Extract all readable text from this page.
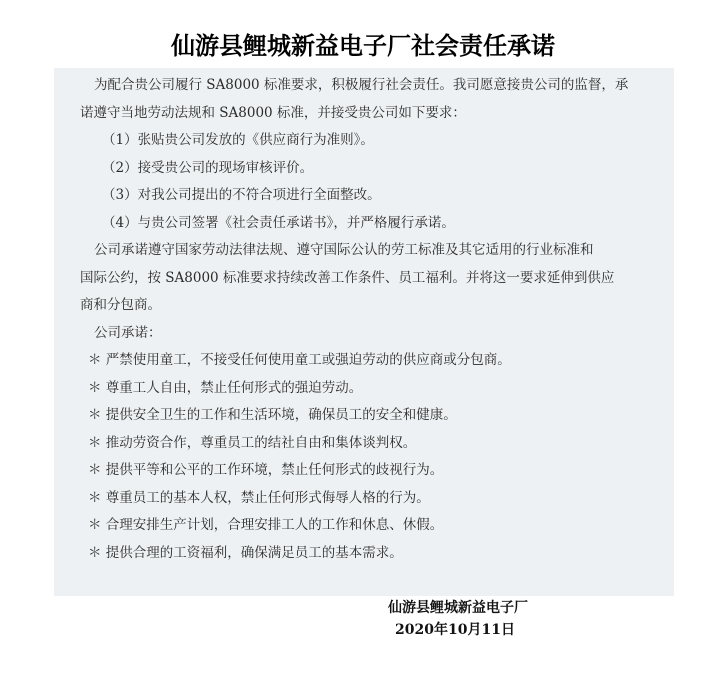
仙游县鲤城新益电子厂社会责任承诺
为配合贵公司履行 SA8000 标准要求，积极履行社会责任。我司愿意接贵公司的监督，承
诺遵守当地劳动法规和 SA8000 标准，并接受贵公司如下要求：
（1）张贴贵公司发放的《供应商行为准则》。
（2）接受贵公司的现场审核评价。
（3）对我公司提出的不符合项进行全面整改。
（4）与贵公司签署《社会责任承诺书》，并严格履行承诺。
公司承诺遵守国家劳动法律法规、遵守国际公认的劳工标准及其它适用的行业标准和
国际公约，按 SA8000 标准要求持续改善工作条件、员工福利。并将这一要求延伸到供应
商和分包商。
公司承诺：
＊ 严禁使用童工，不接受任何使用童工或强迫劳动的供应商或分包商。
＊ 尊重工人自由，禁止任何形式的强迫劳动。
＊ 提供安全卫生的工作和生活环境，确保员工的安全和健康。
＊ 推动劳资合作，尊重员工的结社自由和集体谈判权。
＊ 提供平等和公平的工作环境，禁止任何形式的歧视行为。
＊ 尊重员工的基本人权，禁止任何形式侮辱人格的行为。
＊ 合理安排生产计划，合理安排工人的工作和休息、休假。
＊ 提供合理的工资福利，确保满足员工的基本需求。
仙游县鲤城新益电子厂
2020年10月11日
